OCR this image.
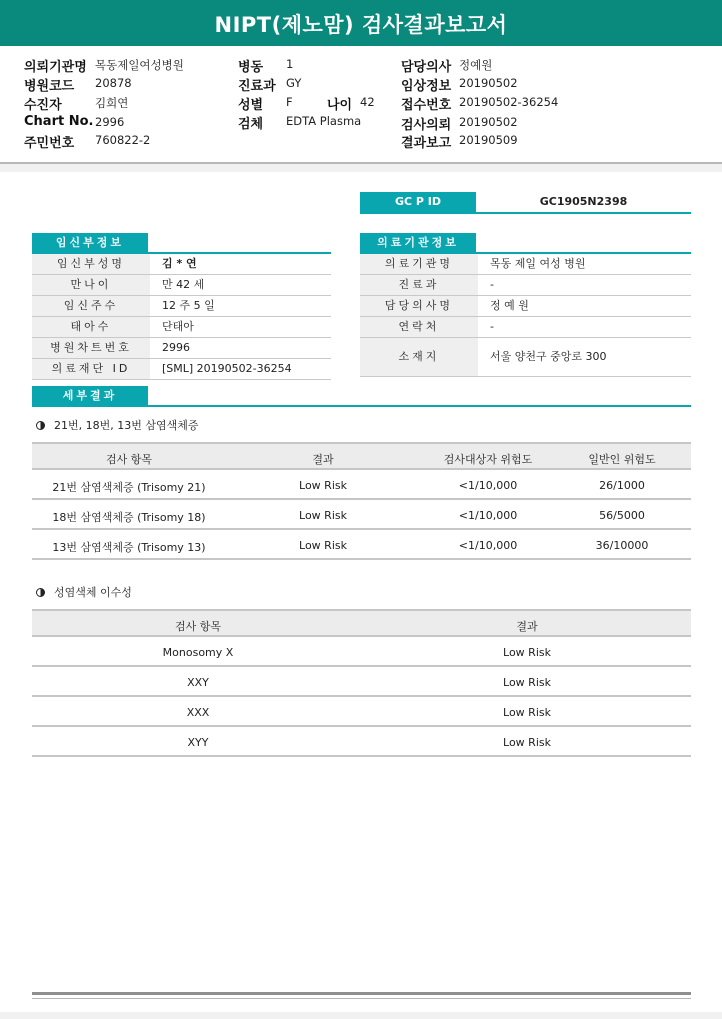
NIPT(제노맘) 검사결과보고서
의뢰기관명 목동제일여성병원
병원코드 20878
수진자	김희연
Chart No. 2996
주민번호 760822-2
병동 1
진료과 GY
성별 F	나이 42
검체 EDTA Plasma
담당의사 정예원
임상정보 20190502
접수번호 20190502-36254
검사의뢰 20190502
결과보고 20190509
GC P ID	GC1905N2398
임신부정보
임신부성명	김 * 연
만나이	만 42 세
임신주수	12 주 5 일
태아수	단태아
병원차트번호	2996
의료재단 ID	[SML] 20190502-36254
의료기관정보
의료기관명	목동 제일 여성 병원
진료과	-
담당의사명	정 예 원
연락처	-
소재지	서울 양천구 중앙로 300
세부결과
21번, 18번, 13번 삼염색체증
검사 항목	결과	검사대상자 위험도	일반인 위험도
21번 삼염색체증 (Trisomy 21)	Low Risk	<1/10,000	26/1000
18번 삼염색체증 (Trisomy 18)	Low Risk	<1/10,000	56/5000
13번 삼염색체증 (Trisomy 13)	Low Risk	<1/10,000	36/10000
성염색체 이수성
검사 항목	결과
Monosomy X	Low Risk
XXY	Low Risk
XXX	Low Risk
XYY	Low Risk
